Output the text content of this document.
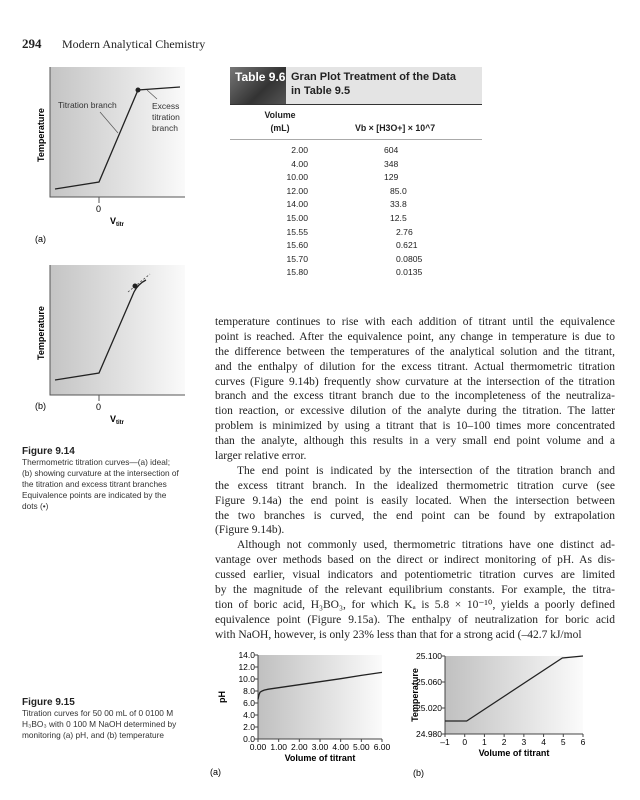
294 Modern Analytical Chemistry
Titration branch	Excess
titration
branch
Temperature
0
$V_{titr}$
(a)
Temperature
0
$V_{titr}$
(b)
Figure 9.14
Thermometric titration curves—(a) ideal;
(b) showing curvature at the intersection of
the titration and excess titrant branches
Equivalence points are indicated by the
dots (•)
Table 9.6 Gran Plot Treatment of the Data
in Table 9.5
Volume
(mL)	Vb × [H3O+] × 10^7
2.00	604
4.00	348
10.00	129
12.00	85.0
14.00	33.8
15.00	12.5
15.55	2.76
15.60	0.621
15.70	0.0805
15.80	0.0135
temperature continues to rise with each addition of titrant until the equivalence
point is reached. After the equivalence point, any change in temperature is due to
the difference between the temperatures of the analytical solution and the titrant,
and the enthalpy of dilution for the excess titrant. Actual thermometric titration
curves (Figure 9.14b) frequently show curvature at the intersection of the titration
branch and the excess titrant branch due to the incompleteness of the neutraliza-
tion reaction, or excessive dilution of the analyte during the titration. The latter
problem is minimized by using a titrant that is 10–100 times more concentrated
than the analyte, although this results in a very small end point volume and a
larger relative error.
The end point is indicated by the intersection of the titration branch and
the excess titrant branch. In the idealized thermometric titration curve (see
Figure 9.14a) the end point is easily located. When the intersection between
the two branches is curved, the end point can be found by extrapolation
(Figure 9.14b).
Although not commonly used, thermometric titrations have one distinct ad-
vantage over methods based on the direct or indirect monitoring of pH. As dis-
cussed earlier, visual indicators and potentiometric titration curves are limited
by the magnitude of the relevant equilibrium constants. For example, the titra-
tion of boric acid, H₃BO₃, for which Kₐ is 5.8 × 10⁻¹⁰, yields a poorly defined
equivalence point (Figure 9.15a). The enthalpy of neutralization for boric acid
with NaOH, however, is only 23% less than that for a strong acid (–42.7 kJ/mol
Figure 9.15
Titration curves for 50 00 mL of 0 0100 M
H₃BO₃ with 0 100 M NaOH determined by
monitoring (a) pH, and (b) temperature
0.00 1.00 2.00 3.00 4.00 5.00 6.00
0.0
2.0
4.0
6.0
8.0
10.0
12.0
14.0
Volume of titrant
pH
(a)
–1 0 1 2 3 4 5 6
24.980
25.020
25.060
25.100
Volume of titrant
Temperature
(b)
